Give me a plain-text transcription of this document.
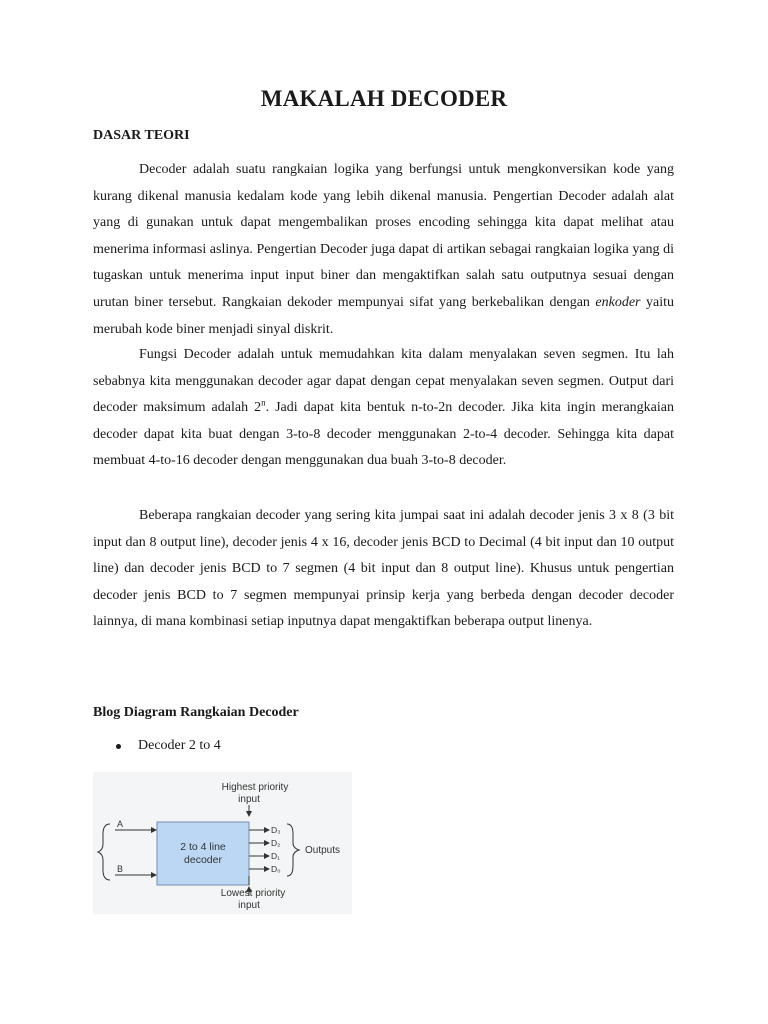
MAKALAH DECODER
DASAR TEORI

Decoder adalah suatu rangkaian logika yang berfungsi untuk mengkonversikan kode yang kurang dikenal manusia kedalam kode yang lebih dikenal manusia. Pengertian Decoder adalah alat yang di gunakan untuk dapat mengembalikan proses encoding sehingga kita dapat melihat atau menerima informasi aslinya. Pengertian Decoder juga dapat di artikan sebagai rangkaian logika yang di tugaskan untuk menerima input input biner dan mengaktifkan salah satu outputnya sesuai dengan urutan biner tersebut. Rangkaian dekoder mempunyai sifat yang berkebalikan dengan enkoder yaitu merubah kode biner menjadi sinyal diskrit.

Fungsi Decoder adalah untuk memudahkan kita dalam menyalakan seven segmen. Itu lah sebabnya kita menggunakan decoder agar dapat dengan cepat menyalakan seven segmen. Output dari decoder maksimum adalah 2$^n$. Jadi dapat kita bentuk n-to-2n decoder. Jika kita ingin merangkaian decoder dapat kita buat dengan 3-to-8 decoder menggunakan 2-to-4 decoder. Sehingga kita dapat membuat 4-to-16 decoder dengan menggunakan dua buah 3-to-8 decoder.

Beberapa rangkaian decoder yang sering kita jumpai saat ini adalah decoder jenis 3 x 8 (3 bit input dan 8 output line), decoder jenis 4 x 16, decoder jenis BCD to Decimal (4 bit input dan 10 output line) dan decoder jenis BCD to 7 segmen (4 bit input dan 8 output line). Khusus untuk pengertian decoder jenis BCD to 7 segmen mempunyai prinsip kerja yang berbeda dengan decoder decoder lainnya, di mana kombinasi setiap inputnya dapat mengaktifkan beberapa output linenya.

Blog Diagram Rangkaian Decoder
Decoder 2 to 4
Highest priority
input
2 to 4 line
decoder
A
B
D₃
D₂
D₁
D₀
Outputs
Lowest priority
input
